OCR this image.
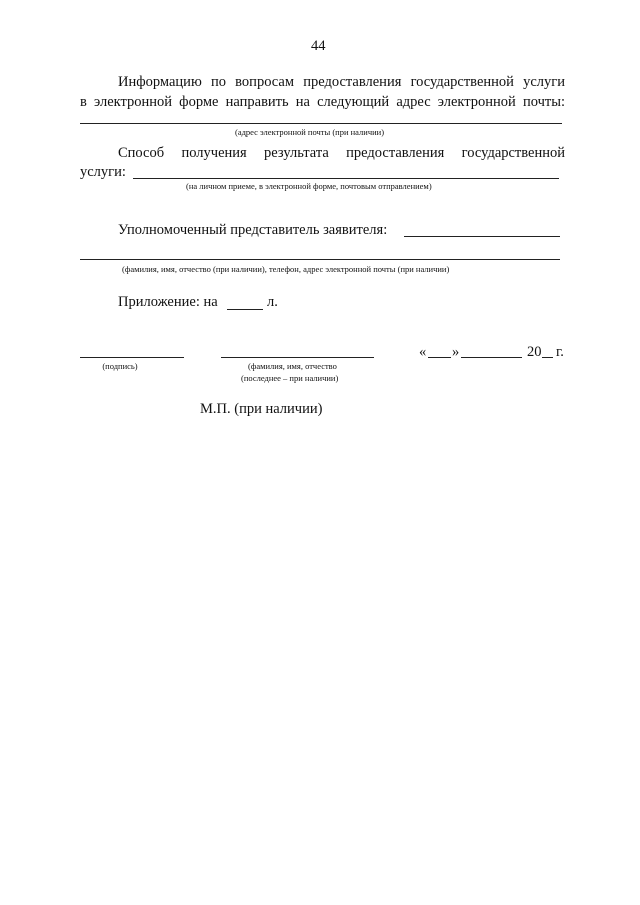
44
Информацию по вопросам предоставления государственной услуги
в электронной форме направить на следующий адрес электронной почты:
(адрес электронной почты (при наличии)
Способ получения результата предоставления государственной
услуги:
(на личном приеме, в электронной форме, почтовым отправлением)
Уполномоченный представитель заявителя:
(фамилия, имя, отчество (при наличии), телефон, адрес электронной почты (при наличии)
Приложение: на	л.
(подпись)	(фамилия, имя, отчество
(последнее – при наличии)
« »	20 г.
М.П. (при наличии)
